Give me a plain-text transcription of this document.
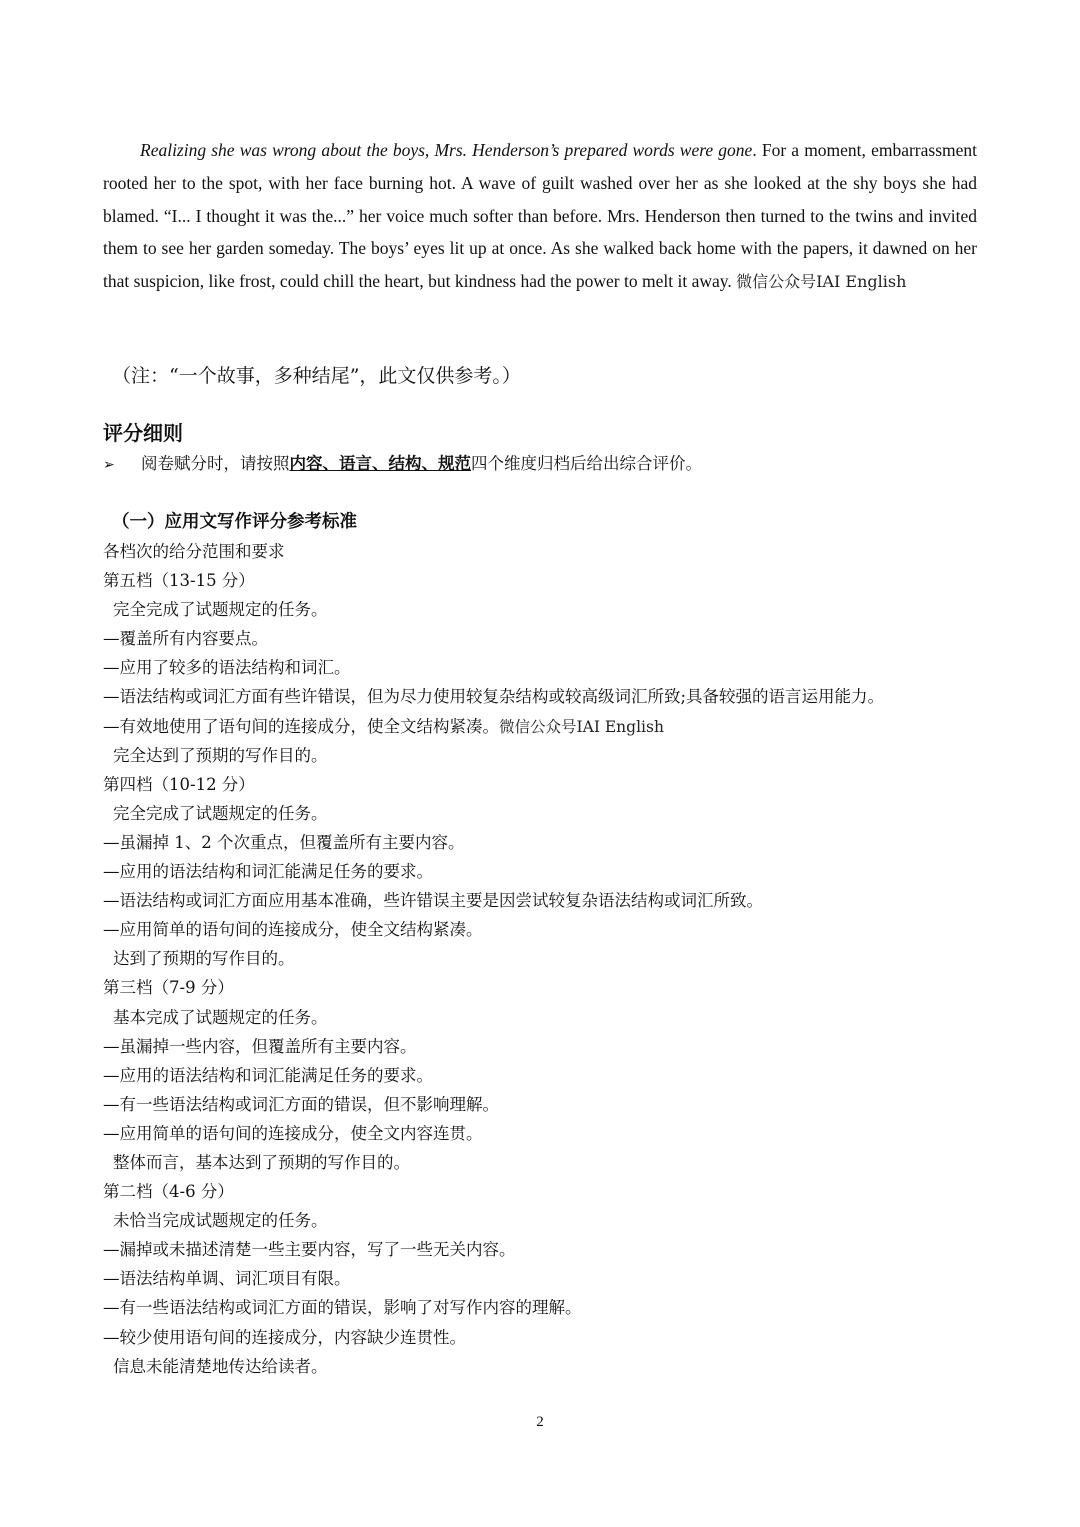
Realizing she was wrong about the boys, Mrs. Henderson’s prepared words were gone. For a moment, embarrassment rooted her to the spot, with her face burning hot. A wave of guilt washed over her as she looked at the shy boys she had blamed. “I... I thought it was the...” her voice much softer than before. Mrs. Henderson then turned to the twins and invited them to see her garden someday. The boys’ eyes lit up at once. As she walked back home with the papers, it dawned on her that suspicion, like frost, could chill the heart, but kindness had the power to melt it away. 微信公众号IAI English
（注：“一个故事，多种结尾”，此文仅供参考。）
评分细则
➢ 阅卷赋分时，请按照内容、语言、结构、规范四个维度归档后给出综合评价。
（一）应用文写作评分参考标准
各档次的给分范围和要求
第五档（13-15 分）
完全完成了试题规定的任务。
—覆盖所有内容要点。
—应用了较多的语法结构和词汇。
—语法结构或词汇方面有些许错误，但为尽力使用较复杂结构或较高级词汇所致;具备较强的语言运用能力。
—有效地使用了语句间的连接成分，使全文结构紧凑。微信公众号IAI English
完全达到了预期的写作目的。
第四档（10-12 分）
完全完成了试题规定的任务。
—虽漏掉 1、2 个次重点，但覆盖所有主要内容。
—应用的语法结构和词汇能满足任务的要求。
—语法结构或词汇方面应用基本准确，些许错误主要是因尝试较复杂语法结构或词汇所致。
—应用简单的语句间的连接成分，使全文结构紧凑。
达到了预期的写作目的。
第三档（7-9 分）
基本完成了试题规定的任务。
—虽漏掉一些内容，但覆盖所有主要内容。
—应用的语法结构和词汇能满足任务的要求。
—有一些语法结构或词汇方面的错误，但不影响理解。
—应用简单的语句间的连接成分，使全文内容连贯。
整体而言，基本达到了预期的写作目的。
第二档（4-6 分）
未恰当完成试题规定的任务。
—漏掉或未描述清楚一些主要内容，写了一些无关内容。
—语法结构单调、词汇项目有限。
—有一些语法结构或词汇方面的错误，影响了对写作内容的理解。
—较少使用语句间的连接成分，内容缺少连贯性。
信息未能清楚地传达给读者。
2
